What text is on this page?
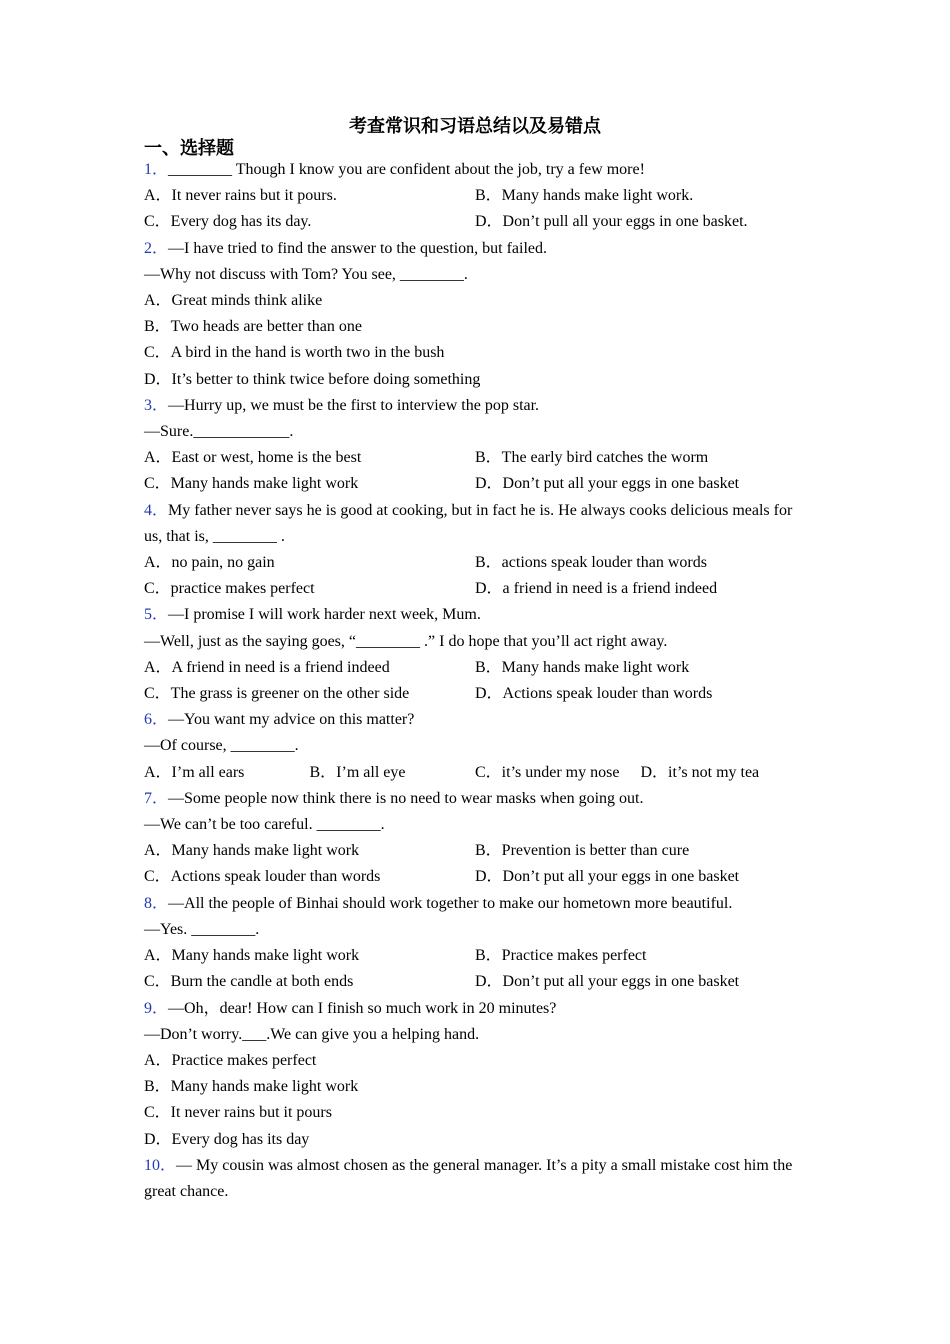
考查常识和习语总结以及易错点
一、选择题
1．________ Though I know you are confident about the job, try a few more!
A．It never rains but it pours.	B．Many hands make light work.
C．Every dog has its day.	D．Don’t pull all your eggs in one basket.
2．—I have tried to find the answer to the question, but failed.
—Why not discuss with Tom? You see, ________.
A．Great minds think alike
B．Two heads are better than one
C．A bird in the hand is worth two in the bush
D．It’s better to think twice before doing something
3．—Hurry up, we must be the first to interview the pop star.
—Sure.____________.
A．East or west, home is the best	B．The early bird catches the worm
C．Many hands make light work	D．Don’t put all your eggs in one basket
4．My father never says he is good at cooking, but in fact he is. He always cooks delicious meals for us, that is, ________ .
A．no pain, no gain	B．actions speak louder than words
C．practice makes perfect	D．a friend in need is a friend indeed
5．—I promise I will work harder next week, Mum.
—Well, just as the saying goes, “________ .” I do hope that you’ll act right away.
A．A friend in need is a friend indeed	B．Many hands make light work
C．The grass is greener on the other side	D．Actions speak louder than words
6．—You want my advice on this matter?
—Of course, ________.
A．I’m all ears	B．I’m all eye	C．it’s under my nose	D．it’s not my tea
7．—Some people now think there is no need to wear masks when going out.
—We can’t be too careful. ________.
A．Many hands make light work	B．Prevention is better than cure
C．Actions speak louder than words	D．Don’t put all your eggs in one basket
8．—All the people of Binhai should work together to make our hometown more beautiful.
—Yes. ________.
A．Many hands make light work	B．Practice makes perfect
C．Burn the candle at both ends	D．Don’t put all your eggs in one basket
9．—Oh，dear! How can I finish so much work in 20 minutes?
—Don’t worry.___.We can give you a helping hand.
A．Practice makes perfect
B．Many hands make light work
C．It never rains but it pours
D．Every dog has its day
10．— My cousin was almost chosen as the general manager. It’s a pity a small mistake cost him the great chance.
